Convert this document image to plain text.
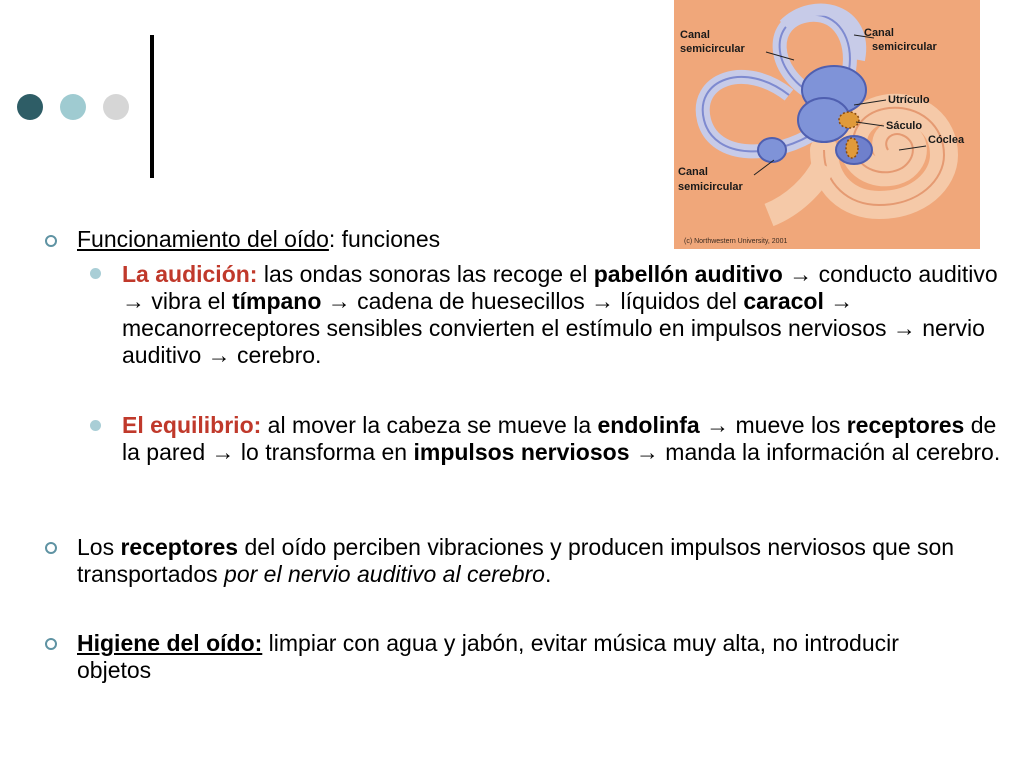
Canal
semicircular
Canal
semicircular
Utrículo
Sáculo
Cóclea
Canal
semicircular
(c) Northwestern University, 2001
Funcionamiento del oído: funciones
La audición: las ondas sonoras las recoge el pabellón auditivo → conducto auditivo → vibra el tímpano → cadena de huesecillos → líquidos del caracol → mecanorreceptores sensibles convierten el estímulo en impulsos nerviosos → nervio auditivo → cerebro.
El equilibrio: al mover la cabeza se mueve la endolinfa → mueve los receptores de la pared → lo transforma en impulsos nerviosos → manda la información al cerebro.
Los receptores del oído perciben vibraciones y producen impulsos nerviosos que son transportados por el nervio auditivo al cerebro.
Higiene del oído: limpiar con agua y jabón, evitar música muy alta, no introducir objetos
